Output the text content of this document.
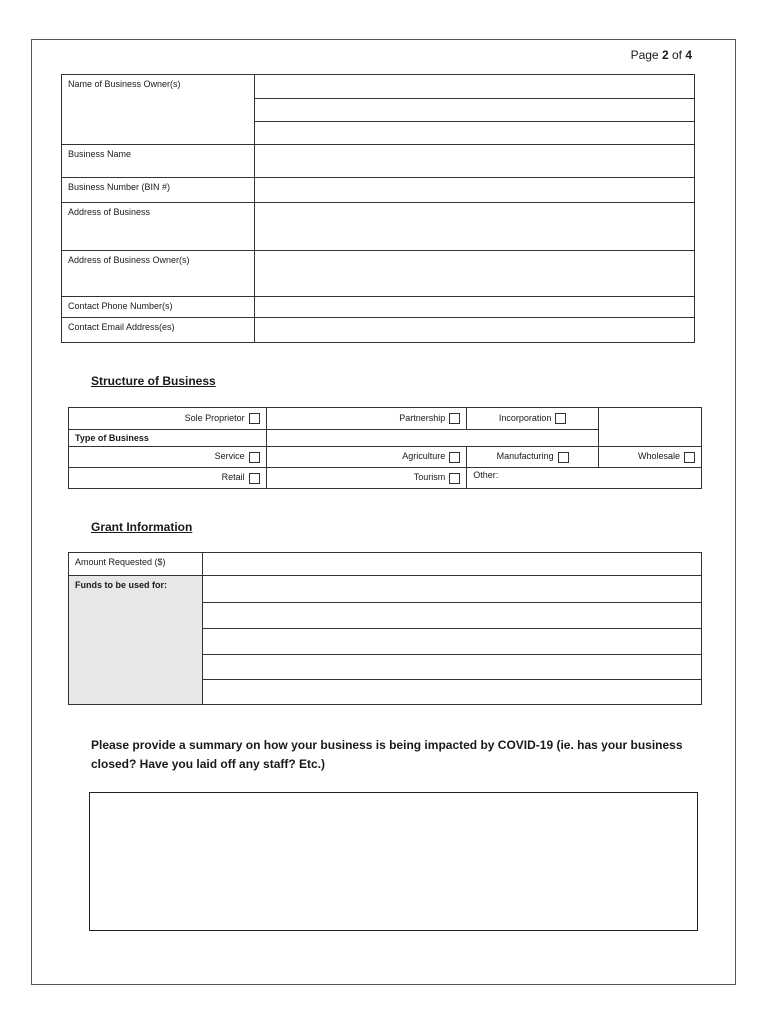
Page 2 of 4
Name of Business Owner(s)	

Business Name	
Business Number (BIN #)	
Address of Business	
Address of Business Owner(s)	
Contact Phone Number(s)	
Contact Email Address(es)	
Structure of Business
Sole Proprietor	Partnership	Incorporation	
Type of Business			
Service	Agriculture	Manufacturing	Wholesale
Retail	Tourism	Other:	
Grant Information
Amount Requested ($)	
Funds to be used for:	

Please provide a summary on how your business is being impacted by COVID-19 (ie. has your business closed? Have you laid off any staff? Etc.)
